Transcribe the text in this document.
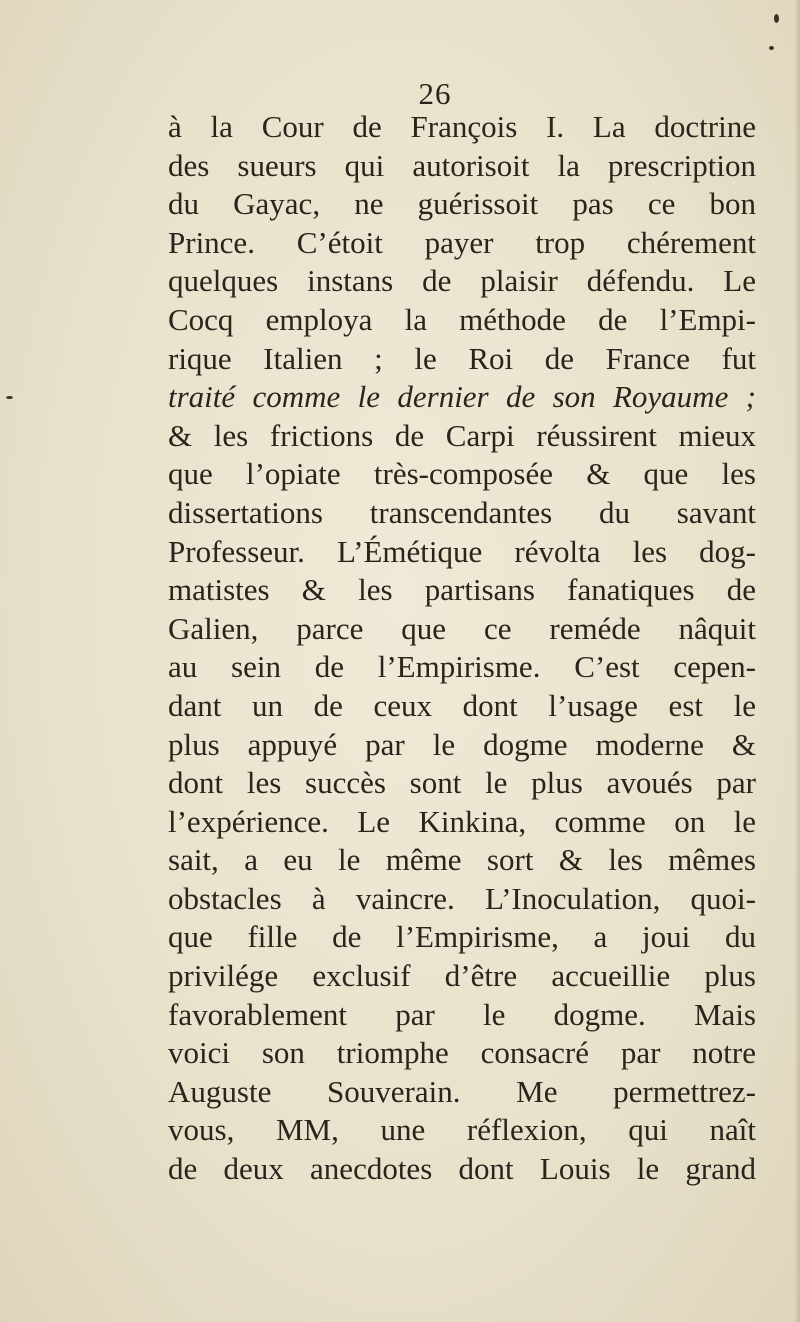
26
à la Cour de François I. La doctrine
des sueurs qui autorisoit la prescription
du Gayac, ne guérissoit pas ce bon
Prince. C’étoit payer trop chérement
quelques instans de plaisir défendu. Le
Cocq employa la méthode de l’Empi-
rique Italien ; le Roi de France fut
traité comme le dernier de son Royaume ;
& les frictions de Carpi réussirent mieux
que l’opiate très-composée & que les
dissertations transcendantes du savant
Professeur. L’Émétique révolta les dog-
matistes & les partisans fanatiques de
Galien, parce que ce reméde nâquit
au sein de l’Empirisme. C’est cepen-
dant un de ceux dont l’usage est le
plus appuyé par le dogme moderne &
dont les succès sont le plus avoués par
l’expérience. Le Kinkina, comme on le
sait, a eu le même sort & les mêmes
obstacles à vaincre. L’Inoculation, quoi-
que fille de l’Empirisme, a joui du
privilége exclusif d’être accueillie plus
favorablement par le dogme. Mais
voici son triomphe consacré par notre
Auguste Souverain. Me permettrez-
vous, MM, une réflexion, qui naît
de deux anecdotes dont Louis le grand
